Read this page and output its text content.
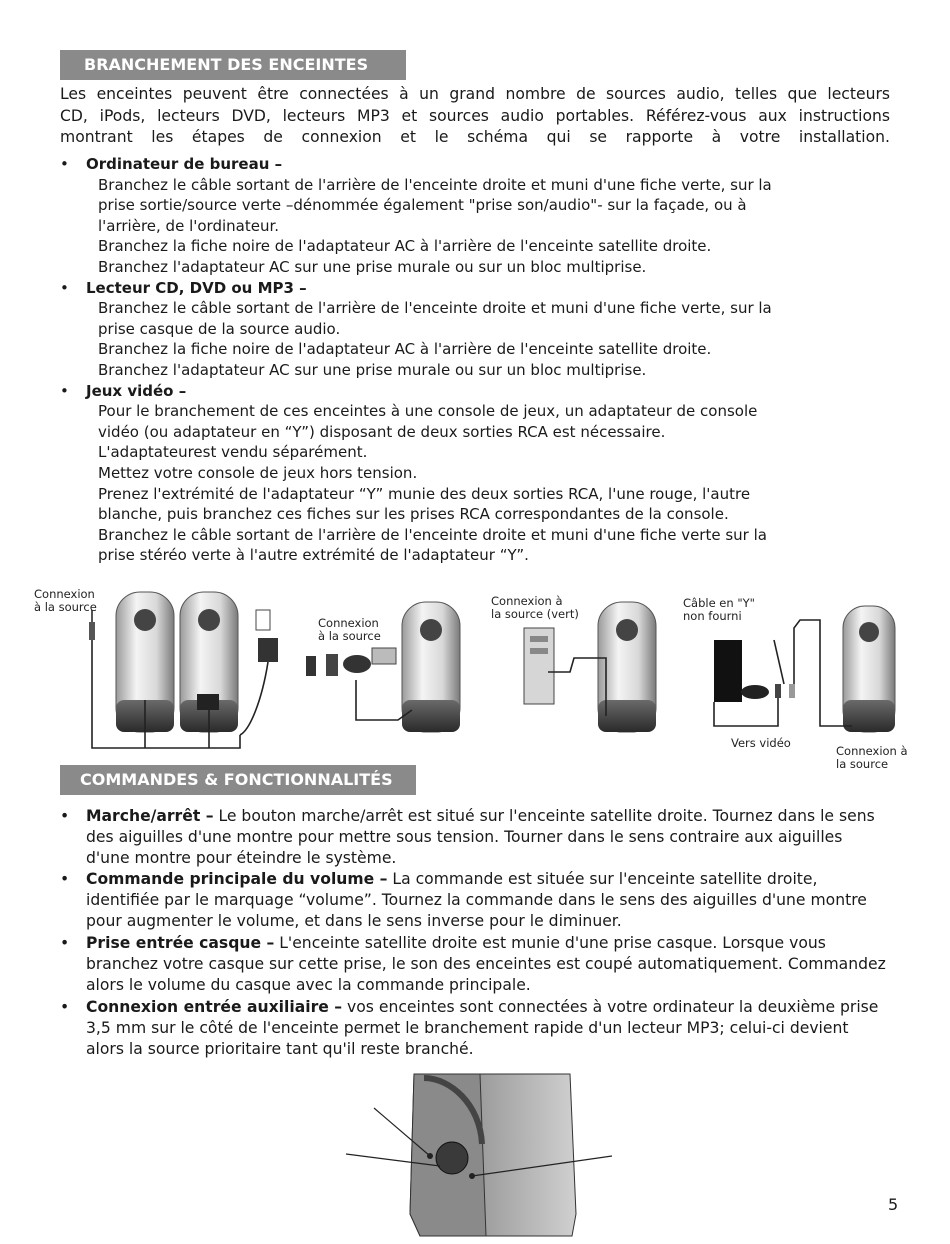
BRANCHEMENT DES ENCEINTES
Les enceintes peuvent être connectées à un grand nombre de sources audio, telles que lecteurs
CD, iPods, lecteurs DVD, lecteurs MP3 et sources audio portables. Référez-vous aux instructions
montrant les étapes de connexion et le schéma qui se rapporte à votre installation.
• Ordinateur de bureau –
Branchez le câble sortant de l'arrière de l'enceinte droite et muni d'une fiche verte, sur la
prise sortie/source verte –dénommée également "prise son/audio"- sur la façade, ou à
l'arrière, de l'ordinateur.
Branchez la fiche noire de l'adaptateur AC à l'arrière de l'enceinte satellite droite.
Branchez l'adaptateur AC sur une prise murale ou sur un bloc multiprise.
• Lecteur CD, DVD ou MP3 –
Branchez le câble sortant de l'arrière de l'enceinte droite et muni d'une fiche verte, sur la
prise casque de la source audio.
Branchez la fiche noire de l'adaptateur AC à l'arrière de l'enceinte satellite droite.
Branchez l'adaptateur AC sur une prise murale ou sur un bloc multiprise.
• Jeux vidéo –
Pour le branchement de ces enceintes à une console de jeux, un adaptateur de console
vidéo (ou adaptateur en “Y”) disposant de deux sorties RCA est nécessaire.
L'adaptateurest vendu séparément.
Mettez votre console de jeux hors tension.
Prenez l'extrémité de l'adaptateur “Y” munie des deux sorties RCA, l'une rouge, l'autre
blanche, puis branchez ces fiches sur les prises RCA correspondantes de la console.
Branchez le câble sortant de l'arrière de l'enceinte droite et muni d'une fiche verte sur la
prise stéréo verte à l'autre extrémité de l'adaptateur “Y”.
Connexion
à la source
Connexion
à la source
Connexion à
la source (vert)
Câble en "Y"
non fourni
Vers vidéo
Connexion à
la source
COMMANDES & FONCTIONNALITÉS
• Marche/arrêt – Le bouton marche/arrêt est situé sur l'enceinte satellite droite. Tournez dans le sens des aiguilles d'une montre pour mettre sous tension. Tourner dans le sens contraire aux aiguilles d'une montre pour éteindre le système.
• Commande principale du volume – La commande est située sur l'enceinte satellite droite, identifiée par le marquage “volume”. Tournez la commande dans le sens des aiguilles d'une montre pour augmenter le volume, et dans le sens inverse pour le diminuer.
• Prise entrée casque – L'enceinte satellite droite est munie d'une prise casque. Lorsque vous branchez votre casque sur cette prise, le son des enceintes est coupé automatiquement. Commandez alors le volume du casque avec la commande principale.
• Connexion entrée auxiliaire – vos enceintes sont connectées à votre ordinateur la deuxième prise 3,5 mm sur le côté de l'enceinte permet le branchement rapide d'un lecteur MP3; celui-ci devient alors la source prioritaire tant qu'il reste branché.
5
